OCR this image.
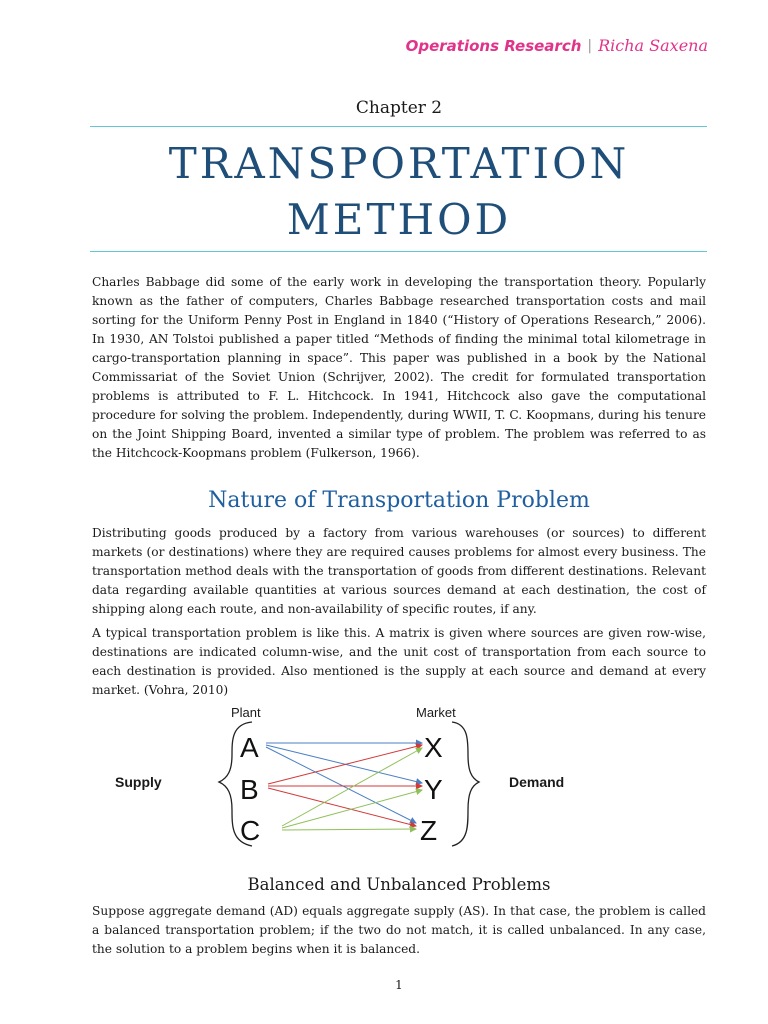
Operations Research | Richa Saxena
Chapter 2
TRANSPORTATION
METHOD

Charles Babbage did some of the early work in developing the transportation theory. Popularly known as the father of computers, Charles Babbage researched transportation costs and mail sorting for the Uniform Penny Post in England in 1840 (“History of Operations Research,” 2006). In 1930, AN Tolstoi published a paper titled “Methods of finding the minimal total kilometrage in cargo-transportation planning in space”. This paper was published in a book by the National Commissariat of the Soviet Union (Schrijver, 2002). The credit for formulated transportation problems is attributed to F. L. Hitchcock. In 1941, Hitchcock also gave the computational procedure for solving the problem. Independently, during WWII, T. C. Koopmans, during his tenure on the Joint Shipping Board, invented a similar type of problem. The problem was referred to as the Hitchcock-Koopmans problem (Fulkerson, 1966).

Nature of Transportation Problem

Distributing goods produced by a factory from various warehouses (or sources) to different markets (or destinations) where they are required causes problems for almost every business. The transportation method deals with the transportation of goods from different destinations. Relevant data regarding available quantities at various sources demand at each destination, the cost of shipping along each route, and non-availability of specific routes, if any.

A typical transportation problem is like this. A matrix is given where sources are given row-wise, destinations are indicated column-wise, and the unit cost of transportation from each source to each destination is provided. Also mentioned is the supply at each source and demand at every market. (Vohra, 2010)

Plant	Market
Supply	Demand
A
B
C
X
Y
Z
Balanced and Unbalanced Problems

Suppose aggregate demand (AD) equals aggregate supply (AS). In that case, the problem is called a balanced transportation problem; if the two do not match, it is called unbalanced. In any case, the solution to a problem begins when it is balanced.

1
